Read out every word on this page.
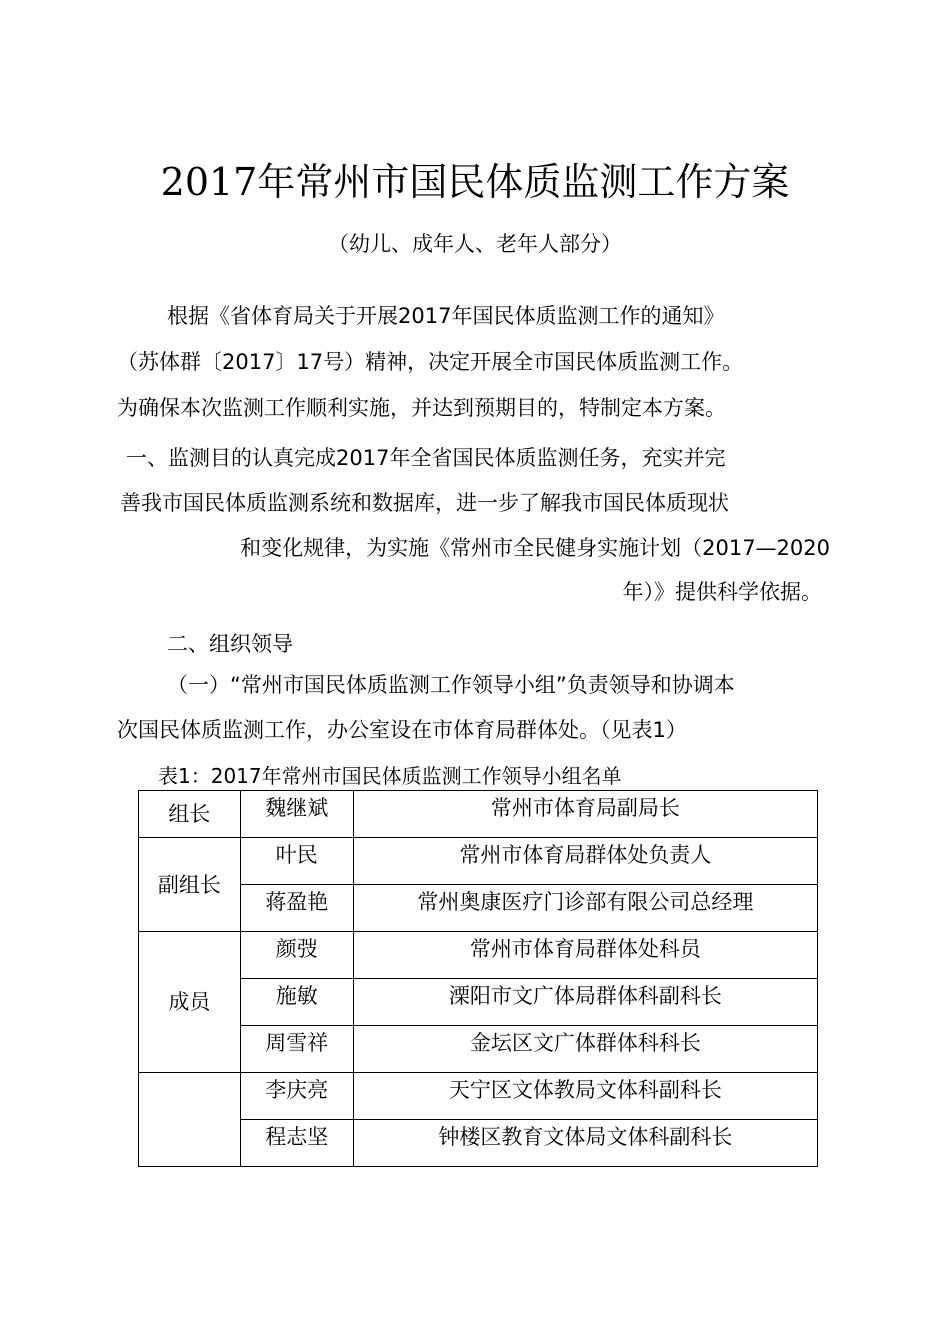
2017年常州市国民体质监测工作方案
（幼儿、成年人、老年人部分）
根据《省体育局关于开展2017年国民体质监测工作的通知》
（苏体群〔2017〕17号）精神，决定开展全市国民体质监测工作。
为确保本次监测工作顺利实施，并达到预期目的，特制定本方案。
一、监测目的认真完成2017年全省国民体质监测任务，充实并完
善我市国民体质监测系统和数据库，进一步了解我市国民体质现状
和变化规律，为实施《常州市全民健身实施计划（2017—2020
年）》提供科学依据。
二、组织领导
（一）“常州市国民体质监测工作领导小组”负责领导和协调本
次国民体质监测工作，办公室设在市体育局群体处。（见表1）
表1：2017年常州市国民体质监测工作领导小组名单
组长	魏继斌	常州市体育局副局长
副组长	叶民	常州市体育局群体处负责人
	蒋盈艳	常州奥康医疗门诊部有限公司总经理
成员	颜弢	常州市体育局群体处科员
	施敏	溧阳市文广体局群体科副科长
	周雪祥	金坛区文广体群体科科长
	李庆亮	天宁区文体教局文体科副科长
	程志坚	钟楼区教育文体局文体科副科长
